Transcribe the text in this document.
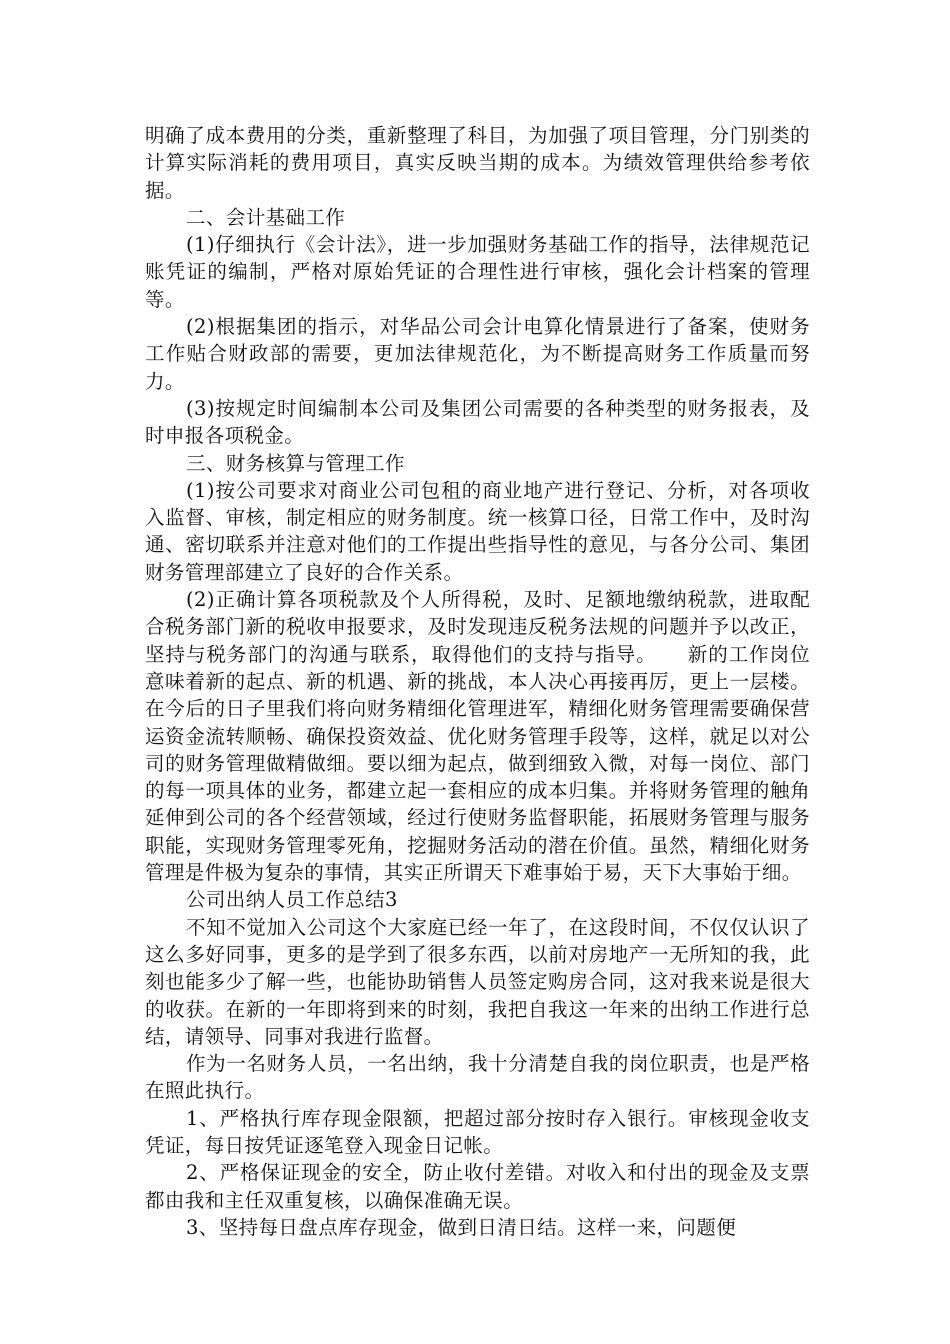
明确了成本费用的分类，重新整理了科目，为加强了项目管理，分门别类的计算实际消耗的费用项目，真实反映当期的成本。为绩效管理供给参考依据。

二、会计基础工作

(1)仔细执行《会计法》，进一步加强财务基础工作的指导，法律规范记账凭证的编制，严格对原始凭证的合理性进行审核，强化会计档案的管理等。

(2)根据集团的指示，对华品公司会计电算化情景进行了备案，使财务工作贴合财政部的需要，更加法律规范化，为不断提高财务工作质量而努力。

(3)按规定时间编制本公司及集团公司需要的各种类型的财务报表，及时申报各项税金。

三、财务核算与管理工作

(1)按公司要求对商业公司包租的商业地产进行登记、分析，对各项收入监督、审核，制定相应的财务制度。统一核算口径，日常工作中，及时沟通、密切联系并注意对他们的工作提出些指导性的意见，与各分公司、集团财务管理部建立了良好的合作关系。

(2)正确计算各项税款及个人所得税，及时、足额地缴纳税款，进取配合税务部门新的税收申报要求，及时发现违反税务法规的问题并予以改正，坚持与税务部门的沟通与联系，取得他们的支持与指导。　　新的工作岗位意味着新的起点、新的机遇、新的挑战，本人决心再接再厉，更上一层楼。在今后的日子里我们将向财务精细化管理进军，精细化财务管理需要确保营运资金流转顺畅、确保投资效益、优化财务管理手段等，这样，就足以对公司的财务管理做精做细。要以细为起点，做到细致入微，对每一岗位、部门的每一项具体的业务，都建立起一套相应的成本归集。并将财务管理的触角延伸到公司的各个经营领域，经过行使财务监督职能，拓展财务管理与服务职能，实现财务管理零死角，挖掘财务活动的潜在价值。虽然，精细化财务管理是件极为复杂的事情，其实正所谓天下难事始于易，天下大事始于细。

公司出纳人员工作总结3

不知不觉加入公司这个大家庭已经一年了，在这段时间，不仅仅认识了这么多好同事，更多的是学到了很多东西，以前对房地产一无所知的我，此刻也能多少了解一些，也能协助销售人员签定购房合同，这对我来说是很大的收获。在新的一年即将到来的时刻，我把自我这一年来的出纳工作进行总结，请领导、同事对我进行监督。

作为一名财务人员，一名出纳，我十分清楚自我的岗位职责，也是严格在照此执行。

1、严格执行库存现金限额，把超过部分按时存入银行。审核现金收支凭证，每日按凭证逐笔登入现金日记帐。

2、严格保证现金的安全，防止收付差错。对收入和付出的现金及支票都由我和主任双重复核，以确保准确无误。

3、坚持每日盘点库存现金，做到日清日结。这样一来，问题便
